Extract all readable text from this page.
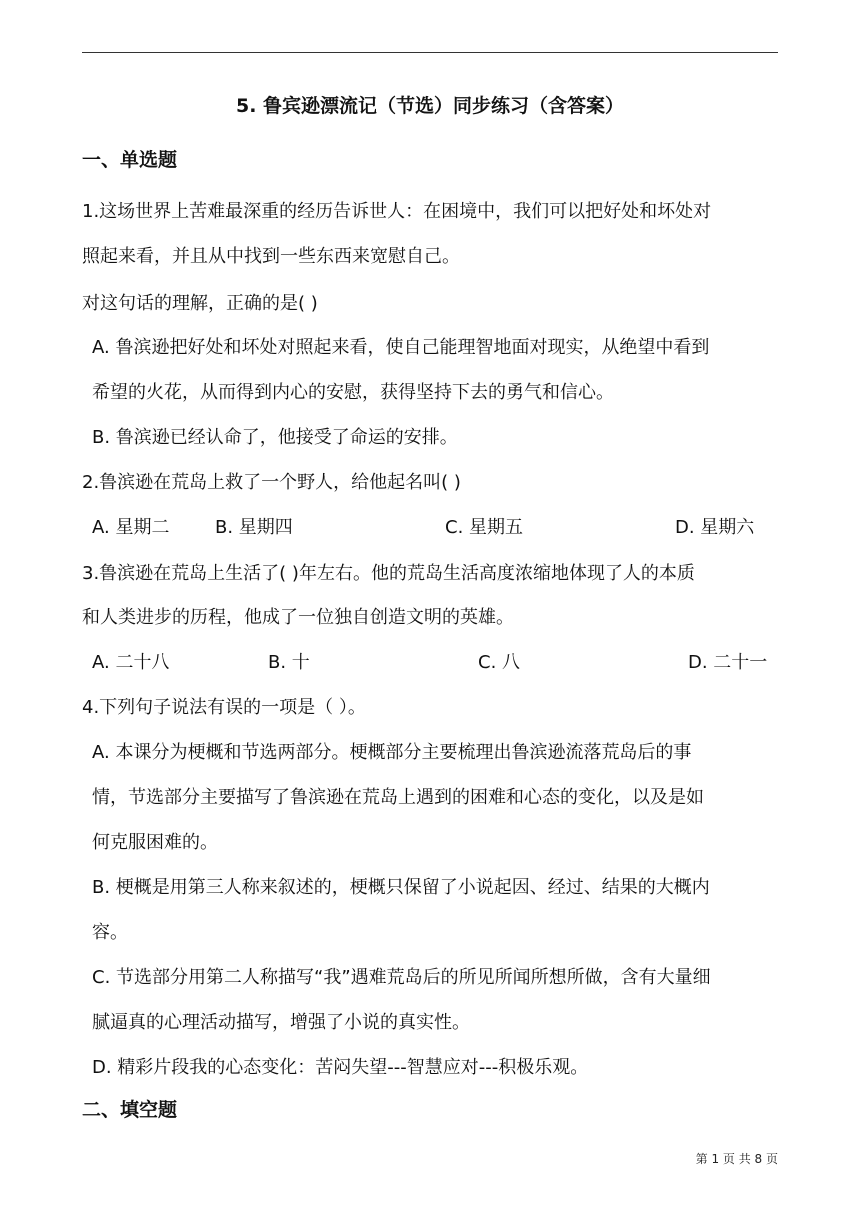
5. 鲁宾逊漂流记（节选）同步练习（含答案）
一、单选题
1.这场世界上苦难最深重的经历告诉世人：在困境中，我们可以把好处和坏处对
照起来看，并且从中找到一些东西来宽慰自己。
对这句话的理解，正确的是( )
A. 鲁滨逊把好处和坏处对照起来看，使自己能理智地面对现实，从绝望中看到
希望的火花，从而得到内心的安慰，获得坚持下去的勇气和信心。
B. 鲁滨逊已经认命了，他接受了命运的安排。
2.鲁滨逊在荒岛上救了一个野人，给他起名叫( )
A. 星期二	B. 星期四	C. 星期五	D. 星期六
3.鲁滨逊在荒岛上生活了( )年左右。他的荒岛生活高度浓缩地体现了人的本质
和人类进步的历程，他成了一位独自创造文明的英雄。
A. 二十八	B. 十	C. 八	D. 二十一
4.下列句子说法有误的一项是（ ）。
A. 本课分为梗概和节选两部分。梗概部分主要梳理出鲁滨逊流落荒岛后的事
情，节选部分主要描写了鲁滨逊在荒岛上遇到的困难和心态的变化，以及是如
何克服困难的。
B. 梗概是用第三人称来叙述的，梗概只保留了小说起因、经过、结果的大概内
容。
C. 节选部分用第二人称描写“我”遇难荒岛后的所见所闻所想所做，含有大量细
腻逼真的心理活动描写，增强了小说的真实性。
D. 精彩片段我的心态变化：苦闷失望---智慧应对---积极乐观。
二、填空题
第 1 页 共 8 页
